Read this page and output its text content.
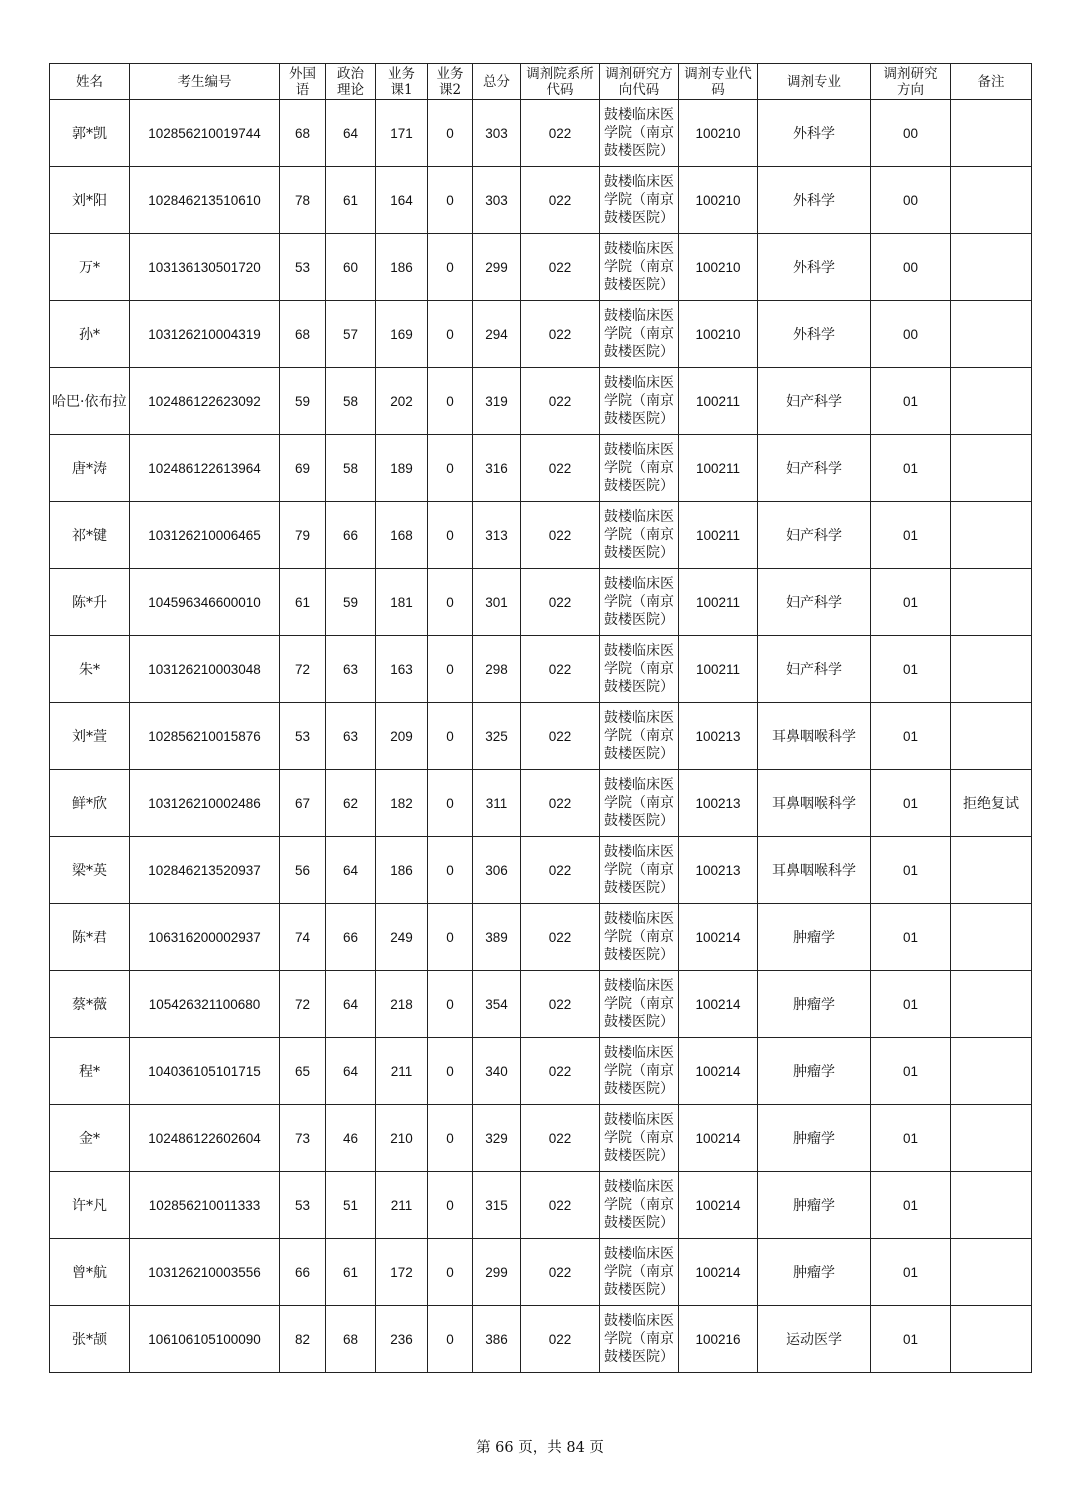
姓名	考生编号	外国语	政治理论	业务课1	业务课2	总分	调剂院系所代码	调剂研究方向代码	调剂专业代码	调剂专业	调剂研究方向	备注
郭*凯	102856210019744	68	64	171	0	303	022	鼓楼临床医学院（南京鼓楼医院）	100210	外科学	00	
刘*阳	102846213510610	78	61	164	0	303	022	鼓楼临床医学院（南京鼓楼医院）	100210	外科学	00	
万*	103136130501720	53	60	186	0	299	022	鼓楼临床医学院（南京鼓楼医院）	100210	外科学	00	
孙*	103126210004319	68	57	169	0	294	022	鼓楼临床医学院（南京鼓楼医院）	100210	外科学	00	
哈巴·依布拉	102486122623092	59	58	202	0	319	022	鼓楼临床医学院（南京鼓楼医院）	100211	妇产科学	01	
唐*涛	102486122613964	69	58	189	0	316	022	鼓楼临床医学院（南京鼓楼医院）	100211	妇产科学	01	
祁*键	103126210006465	79	66	168	0	313	022	鼓楼临床医学院（南京鼓楼医院）	100211	妇产科学	01	
陈*升	104596346600010	61	59	181	0	301	022	鼓楼临床医学院（南京鼓楼医院）	100211	妇产科学	01	
朱*	103126210003048	72	63	163	0	298	022	鼓楼临床医学院（南京鼓楼医院）	100211	妇产科学	01	
刘*萱	102856210015876	53	63	209	0	325	022	鼓楼临床医学院（南京鼓楼医院）	100213	耳鼻咽喉科学	01	
鲜*欣	103126210002486	67	62	182	0	311	022	鼓楼临床医学院（南京鼓楼医院）	100213	耳鼻咽喉科学	01	拒绝复试
梁*英	102846213520937	56	64	186	0	306	022	鼓楼临床医学院（南京鼓楼医院）	100213	耳鼻咽喉科学	01	
陈*君	106316200002937	74	66	249	0	389	022	鼓楼临床医学院（南京鼓楼医院）	100214	肿瘤学	01	
蔡*薇	105426321100680	72	64	218	0	354	022	鼓楼临床医学院（南京鼓楼医院）	100214	肿瘤学	01	
程*	104036105101715	65	64	211	0	340	022	鼓楼临床医学院（南京鼓楼医院）	100214	肿瘤学	01	
金*	102486122602604	73	46	210	0	329	022	鼓楼临床医学院（南京鼓楼医院）	100214	肿瘤学	01	
许*凡	102856210011333	53	51	211	0	315	022	鼓楼临床医学院（南京鼓楼医院）	100214	肿瘤学	01	
曾*航	103126210003556	66	61	172	0	299	022	鼓楼临床医学院（南京鼓楼医院）	100214	肿瘤学	01	
张*颉	106106105100090	82	68	236	0	386	022	鼓楼临床医学院（南京鼓楼医院）	100216	运动医学	01	
第 66 页，共 84 页
